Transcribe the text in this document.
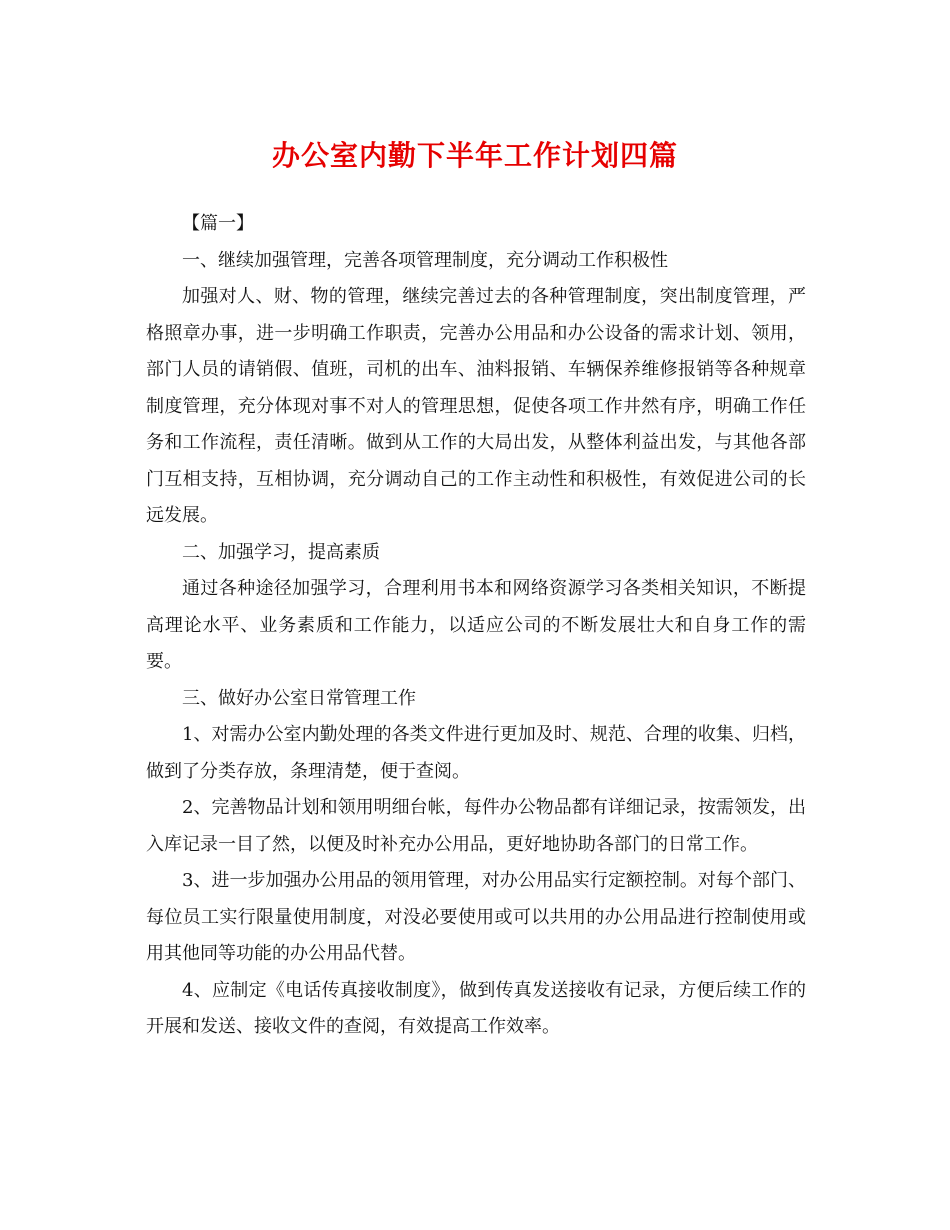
办公室内勤下半年工作计划四篇

【篇一】

一、继续加强管理，完善各项管理制度，充分调动工作积极性

加强对人、财、物的管理，继续完善过去的各种管理制度，突出制度管理，严格照章办事，进一步明确工作职责，完善办公用品和办公设备的需求计划、领用，部门人员的请销假、值班，司机的出车、油料报销、车辆保养维修报销等各种规章制度管理，充分体现对事不对人的管理思想，促使各项工作井然有序，明确工作任务和工作流程，责任清晰。做到从工作的大局出发，从整体利益出发，与其他各部门互相支持，互相协调，充分调动自己的工作主动性和积极性，有效促进公司的长远发展。

二、加强学习，提高素质

通过各种途径加强学习，合理利用书本和网络资源学习各类相关知识，不断提高理论水平、业务素质和工作能力，以适应公司的不断发展壮大和自身工作的需要。

三、做好办公室日常管理工作

1、对需办公室内勤处理的各类文件进行更加及时、规范、合理的收集、归档，做到了分类存放，条理清楚，便于查阅。

2、完善物品计划和领用明细台帐，每件办公物品都有详细记录，按需领发，出入库记录一目了然，以便及时补充办公用品，更好地协助各部门的日常工作。

3、进一步加强办公用品的领用管理，对办公用品实行定额控制。对每个部门、每位员工实行限量使用制度，对没必要使用或可以共用的办公用品进行控制使用或用其他同等功能的办公用品代替。

4、应制定《电话传真接收制度》，做到传真发送接收有记录，方便后续工作的开展和发送、接收文件的查阅，有效提高工作效率。
